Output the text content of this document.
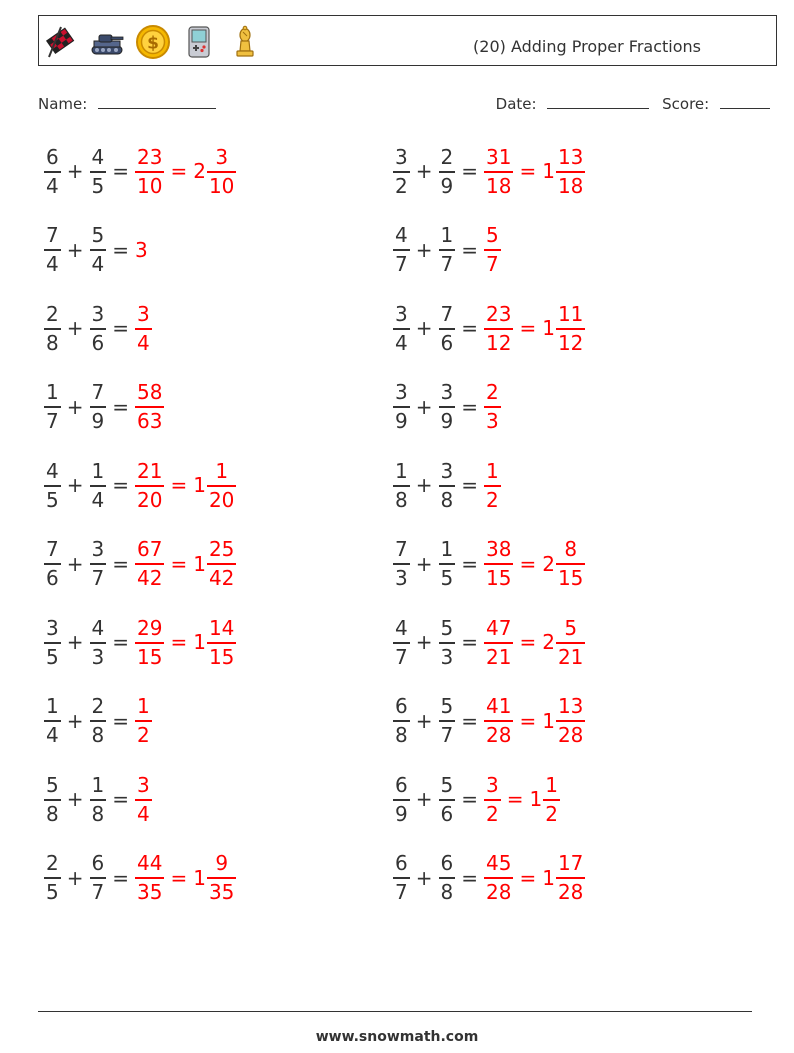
$	(20) Adding Proper Fractions
Name:	Date:	Score:
$\frac{6}{4} + \frac{4}{5} = \frac{23}{10} = 2 \frac{3}{10}$	$\frac{3}{2} + \frac{2}{9} = \frac{31}{18} = 1 \frac{13}{18}$
$\frac{7}{4} + \frac{5}{4} = 3$	$\frac{4}{7} + \frac{1}{7} = \frac{5}{7}$
$\frac{2}{8} + \frac{3}{6} = \frac{3}{4}$	$\frac{3}{4} + \frac{7}{6} = \frac{23}{12} = 1 \frac{11}{12}$
$\frac{1}{7} + \frac{7}{9} = \frac{58}{63}$	$\frac{3}{9} + \frac{3}{9} = \frac{2}{3}$
$\frac{4}{5} + \frac{1}{4} = \frac{21}{20} = 1 \frac{1}{20}$	$\frac{1}{8} + \frac{3}{8} = \frac{1}{2}$
$\frac{7}{6} + \frac{3}{7} = \frac{67}{42} = 1 \frac{25}{42}$	$\frac{7}{3} + \frac{1}{5} = \frac{38}{15} = 2 \frac{8}{15}$
$\frac{3}{5} + \frac{4}{3} = \frac{29}{15} = 1 \frac{14}{15}$	$\frac{4}{7} + \frac{5}{3} = \frac{47}{21} = 2 \frac{5}{21}$
$\frac{1}{4} + \frac{2}{8} = \frac{1}{2}$	$\frac{6}{8} + \frac{5}{7} = \frac{41}{28} = 1 \frac{13}{28}$
$\frac{5}{8} + \frac{1}{8} = \frac{3}{4}$	$\frac{6}{9} + \frac{5}{6} = \frac{3}{2} = 1 \frac{1}{2}$
$\frac{2}{5} + \frac{6}{7} = \frac{44}{35} = 1 \frac{9}{35}$	$\frac{6}{7} + \frac{6}{8} = \frac{45}{28} = 1 \frac{17}{28}$
www.snowmath.com
